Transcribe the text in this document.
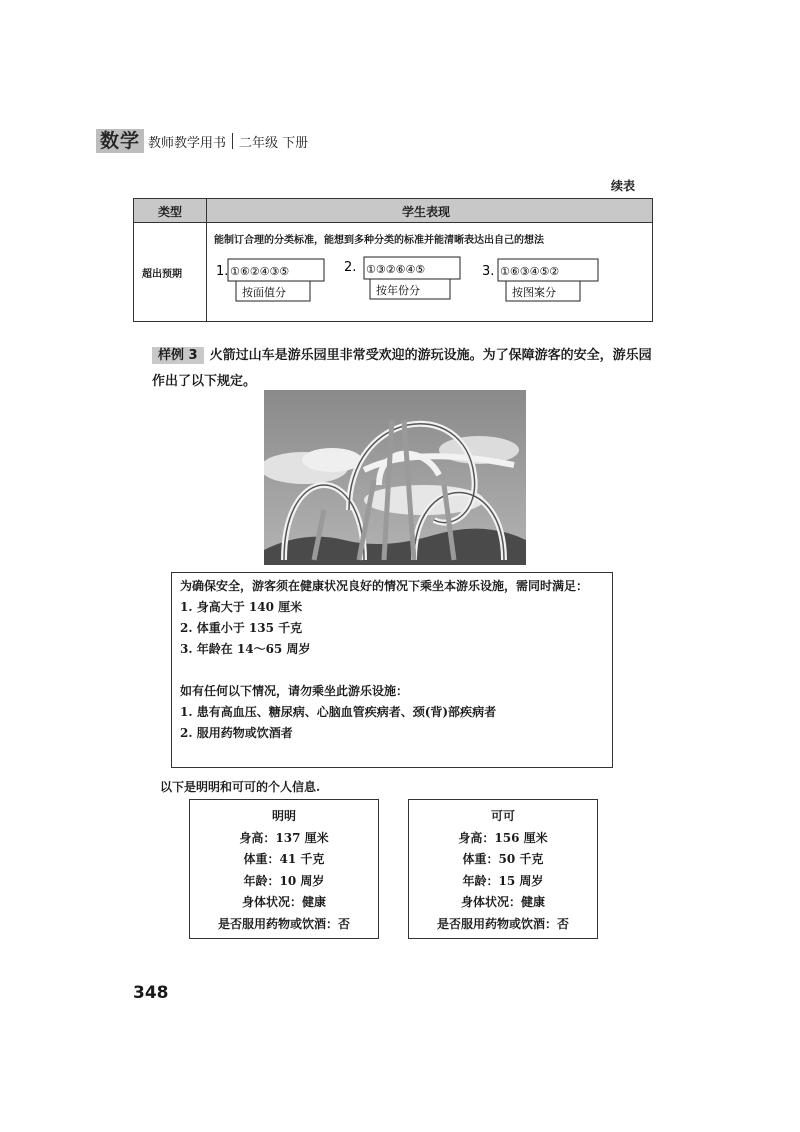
数学 教师教学用书 二年级 下册
续表
类型	学生表现
超出预期
能制订合理的分类标准，能想到多种分类的标准并能清晰表达出自己的想法
1. ①⑥②④③⑤
按面值分
2. ①③②⑥④⑤
按年份分
3. ①⑥③④⑤②
按图案分
样例 3 火箭过山车是游乐园里非常受欢迎的游玩设施。为了保障游客的安全，游乐园作出了以下规定。

为确保安全，游客须在健康状况良好的情况下乘坐本游乐设施，需同时满足：

1. 身高大于 140 厘米

2. 体重小于 135 千克

3. 年龄在 14～65 周岁

如有任何以下情况，请勿乘坐此游乐设施：

1. 患有高血压、糖尿病、心脑血管疾病者、颈(背)部疾病者

2. 服用药物或饮酒者

以下是明明和可可的个人信息.

明明

身高：137 厘米

体重：41 千克

年龄：10 周岁

身体状况：健康

是否服用药物或饮酒：否

可可

身高：156 厘米

体重：50 千克

年龄：15 周岁

身体状况：健康

是否服用药物或饮酒：否

348
